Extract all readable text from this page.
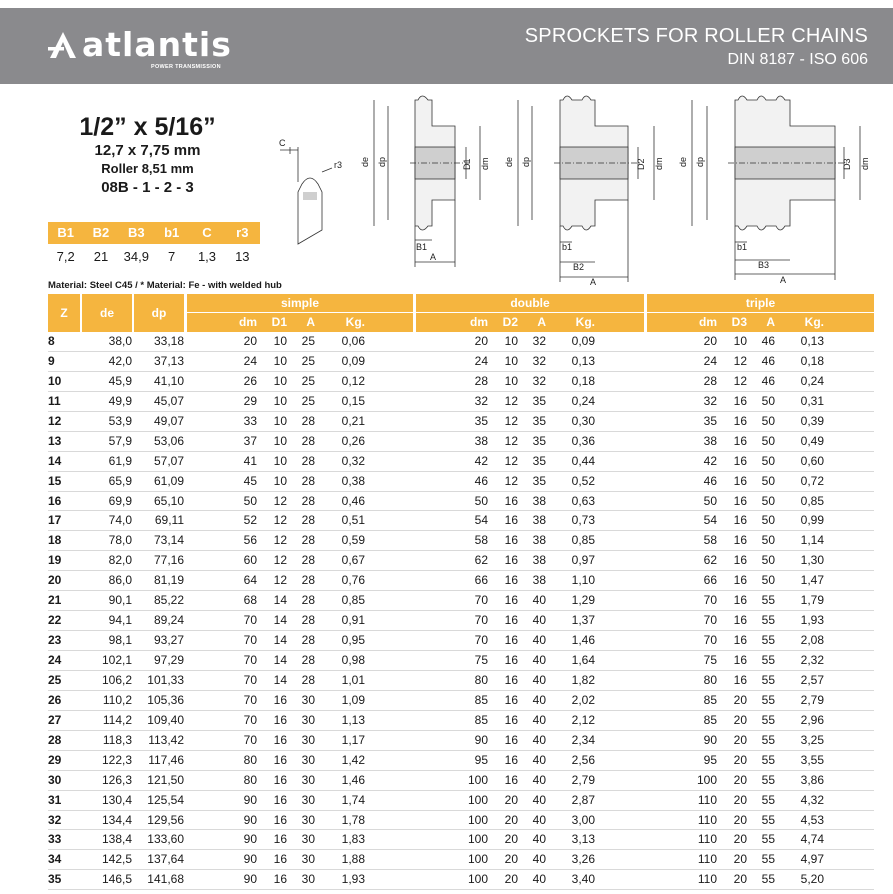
atlantis
POWER TRANSMISSION
SPROCKETS FOR ROLLER CHAINS
DIN 8187 - ISO 606
1/2” x 5/16”
12,7 x 7,75 mm
Roller 8,51 mm
08B - 1 - 2 - 3
B1	B2	B3	b1	C	r3
7,2	21	34,9	7	1,3	13
Material: Steel C45 / * Material: Fe - with welded hub
C
r3 de dp	D1 dm
B1
A
de dp	D2 dm
b1
B2
A
de dp	D3 dm
b1
B3
A
Z	de	dp
simple	double	triple
dm	D1	A	Kg.	dm	D2	A	Kg.	dm	D3	A	Kg.
8	38,0	33,18	20	10	25	0,06	20	10	32	0,09	20	10	46	0,13
9	42,0	37,13	24	10	25	0,09	24	10	32	0,13	24	12	46	0,18
10	45,9	41,10	26	10	25	0,12	28	10	32	0,18	28	12	46	0,24
11	49,9	45,07	29	10	25	0,15	32	12	35	0,24	32	16	50	0,31
12	53,9	49,07	33	10	28	0,21	35	12	35	0,30	35	16	50	0,39
13	57,9	53,06	37	10	28	0,26	38	12	35	0,36	38	16	50	0,49
14	61,9	57,07	41	10	28	0,32	42	12	35	0,44	42	16	50	0,60
15	65,9	61,09	45	10	28	0,38	46	12	35	0,52	46	16	50	0,72
16	69,9	65,10	50	12	28	0,46	50	16	38	0,63	50	16	50	0,85
17	74,0	69,11	52	12	28	0,51	54	16	38	0,73	54	16	50	0,99
18	78,0	73,14	56	12	28	0,59	58	16	38	0,85	58	16	50	1,14
19	82,0	77,16	60	12	28	0,67	62	16	38	0,97	62	16	50	1,30
20	86,0	81,19	64	12	28	0,76	66	16	38	1,10	66	16	50	1,47
21	90,1	85,22	68	14	28	0,85	70	16	40	1,29	70	16	55	1,79
22	94,1	89,24	70	14	28	0,91	70	16	40	1,37	70	16	55	1,93
23	98,1	93,27	70	14	28	0,95	70	16	40	1,46	70	16	55	2,08
24	102,1	97,29	70	14	28	0,98	75	16	40	1,64	75	16	55	2,32
25	106,2	101,33	70	14	28	1,01	80	16	40	1,82	80	16	55	2,57
26	110,2	105,36	70	16	30	1,09	85	16	40	2,02	85	20	55	2,79
27	114,2	109,40	70	16	30	1,13	85	16	40	2,12	85	20	55	2,96
28	118,3	113,42	70	16	30	1,17	90	16	40	2,34	90	20	55	3,25
29	122,3	117,46	80	16	30	1,42	95	16	40	2,56	95	20	55	3,55
30	126,3	121,50	80	16	30	1,46	100	16	40	2,79	100	20	55	3,86
31	130,4	125,54	90	16	30	1,74	100	20	40	2,87	110	20	55	4,32
32	134,4	129,56	90	16	30	1,78	100	20	40	3,00	110	20	55	4,53
33	138,4	133,60	90	16	30	1,83	100	20	40	3,13	110	20	55	4,74
34	142,5	137,64	90	16	30	1,88	100	20	40	3,26	110	20	55	4,97
35	146,5	141,68	90	16	30	1,93	100	20	40	3,40	110	20	55	5,20
